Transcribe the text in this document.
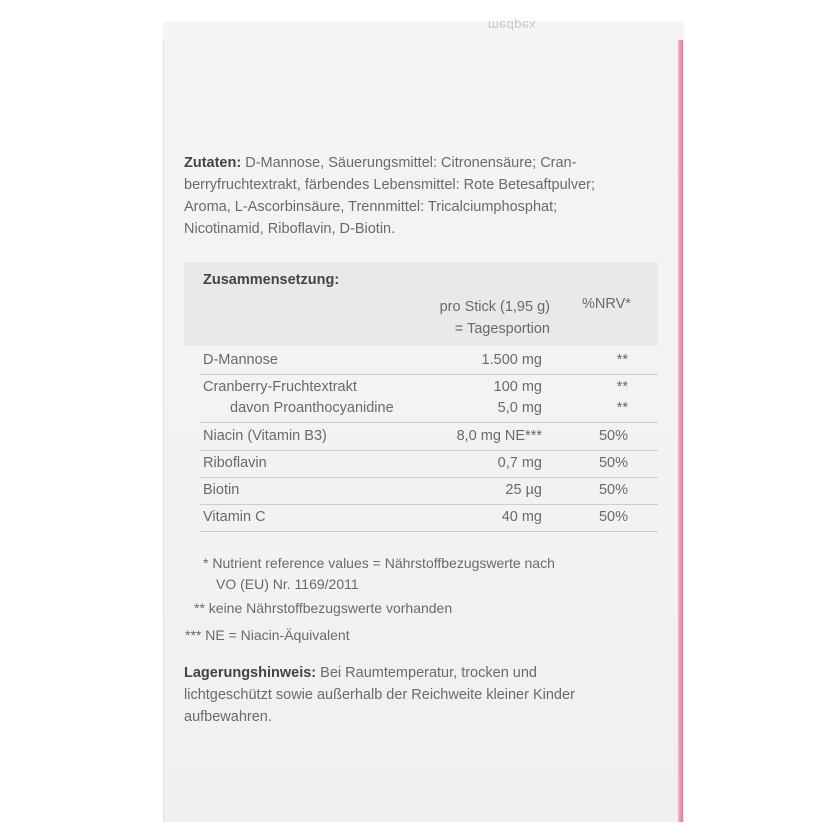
medpex
Zutaten: D-Mannose, Säuerungsmittel: Citronensäure; Cran-
berryfruchtextrakt, färbendes Lebensmittel: Rote Betesaftpulver;
Aroma, L-Ascorbinsäure, Trennmittel: Tricalciumphosphat;
Nicotinamid, Riboflavin, D-Biotin.
Zusammensetzung:
pro Stick (1,95 g)
= Tagesportion
%NRV*
D-Mannose	1.500 mg	**
Cranberry-Fruchtextrakt	100 mg	**
davon Proanthocyanidine	5,0 mg	**
Niacin (Vitamin B3)	8,0 mg NE***	50%
Riboflavin	0,7 mg	50%
Biotin	25 µg	50%
Vitamin C	40 mg	50%
* Nutrient reference values = Nährstoffbezugswerte nach
VO (EU) Nr. 1169/2011
** keine Nährstoffbezugswerte vorhanden
*** NE = Niacin-Äquivalent
Lagerungshinweis: Bei Raumtemperatur, trocken und
lichtgeschützt sowie außerhalb der Reichweite kleiner Kinder
aufbewahren.
